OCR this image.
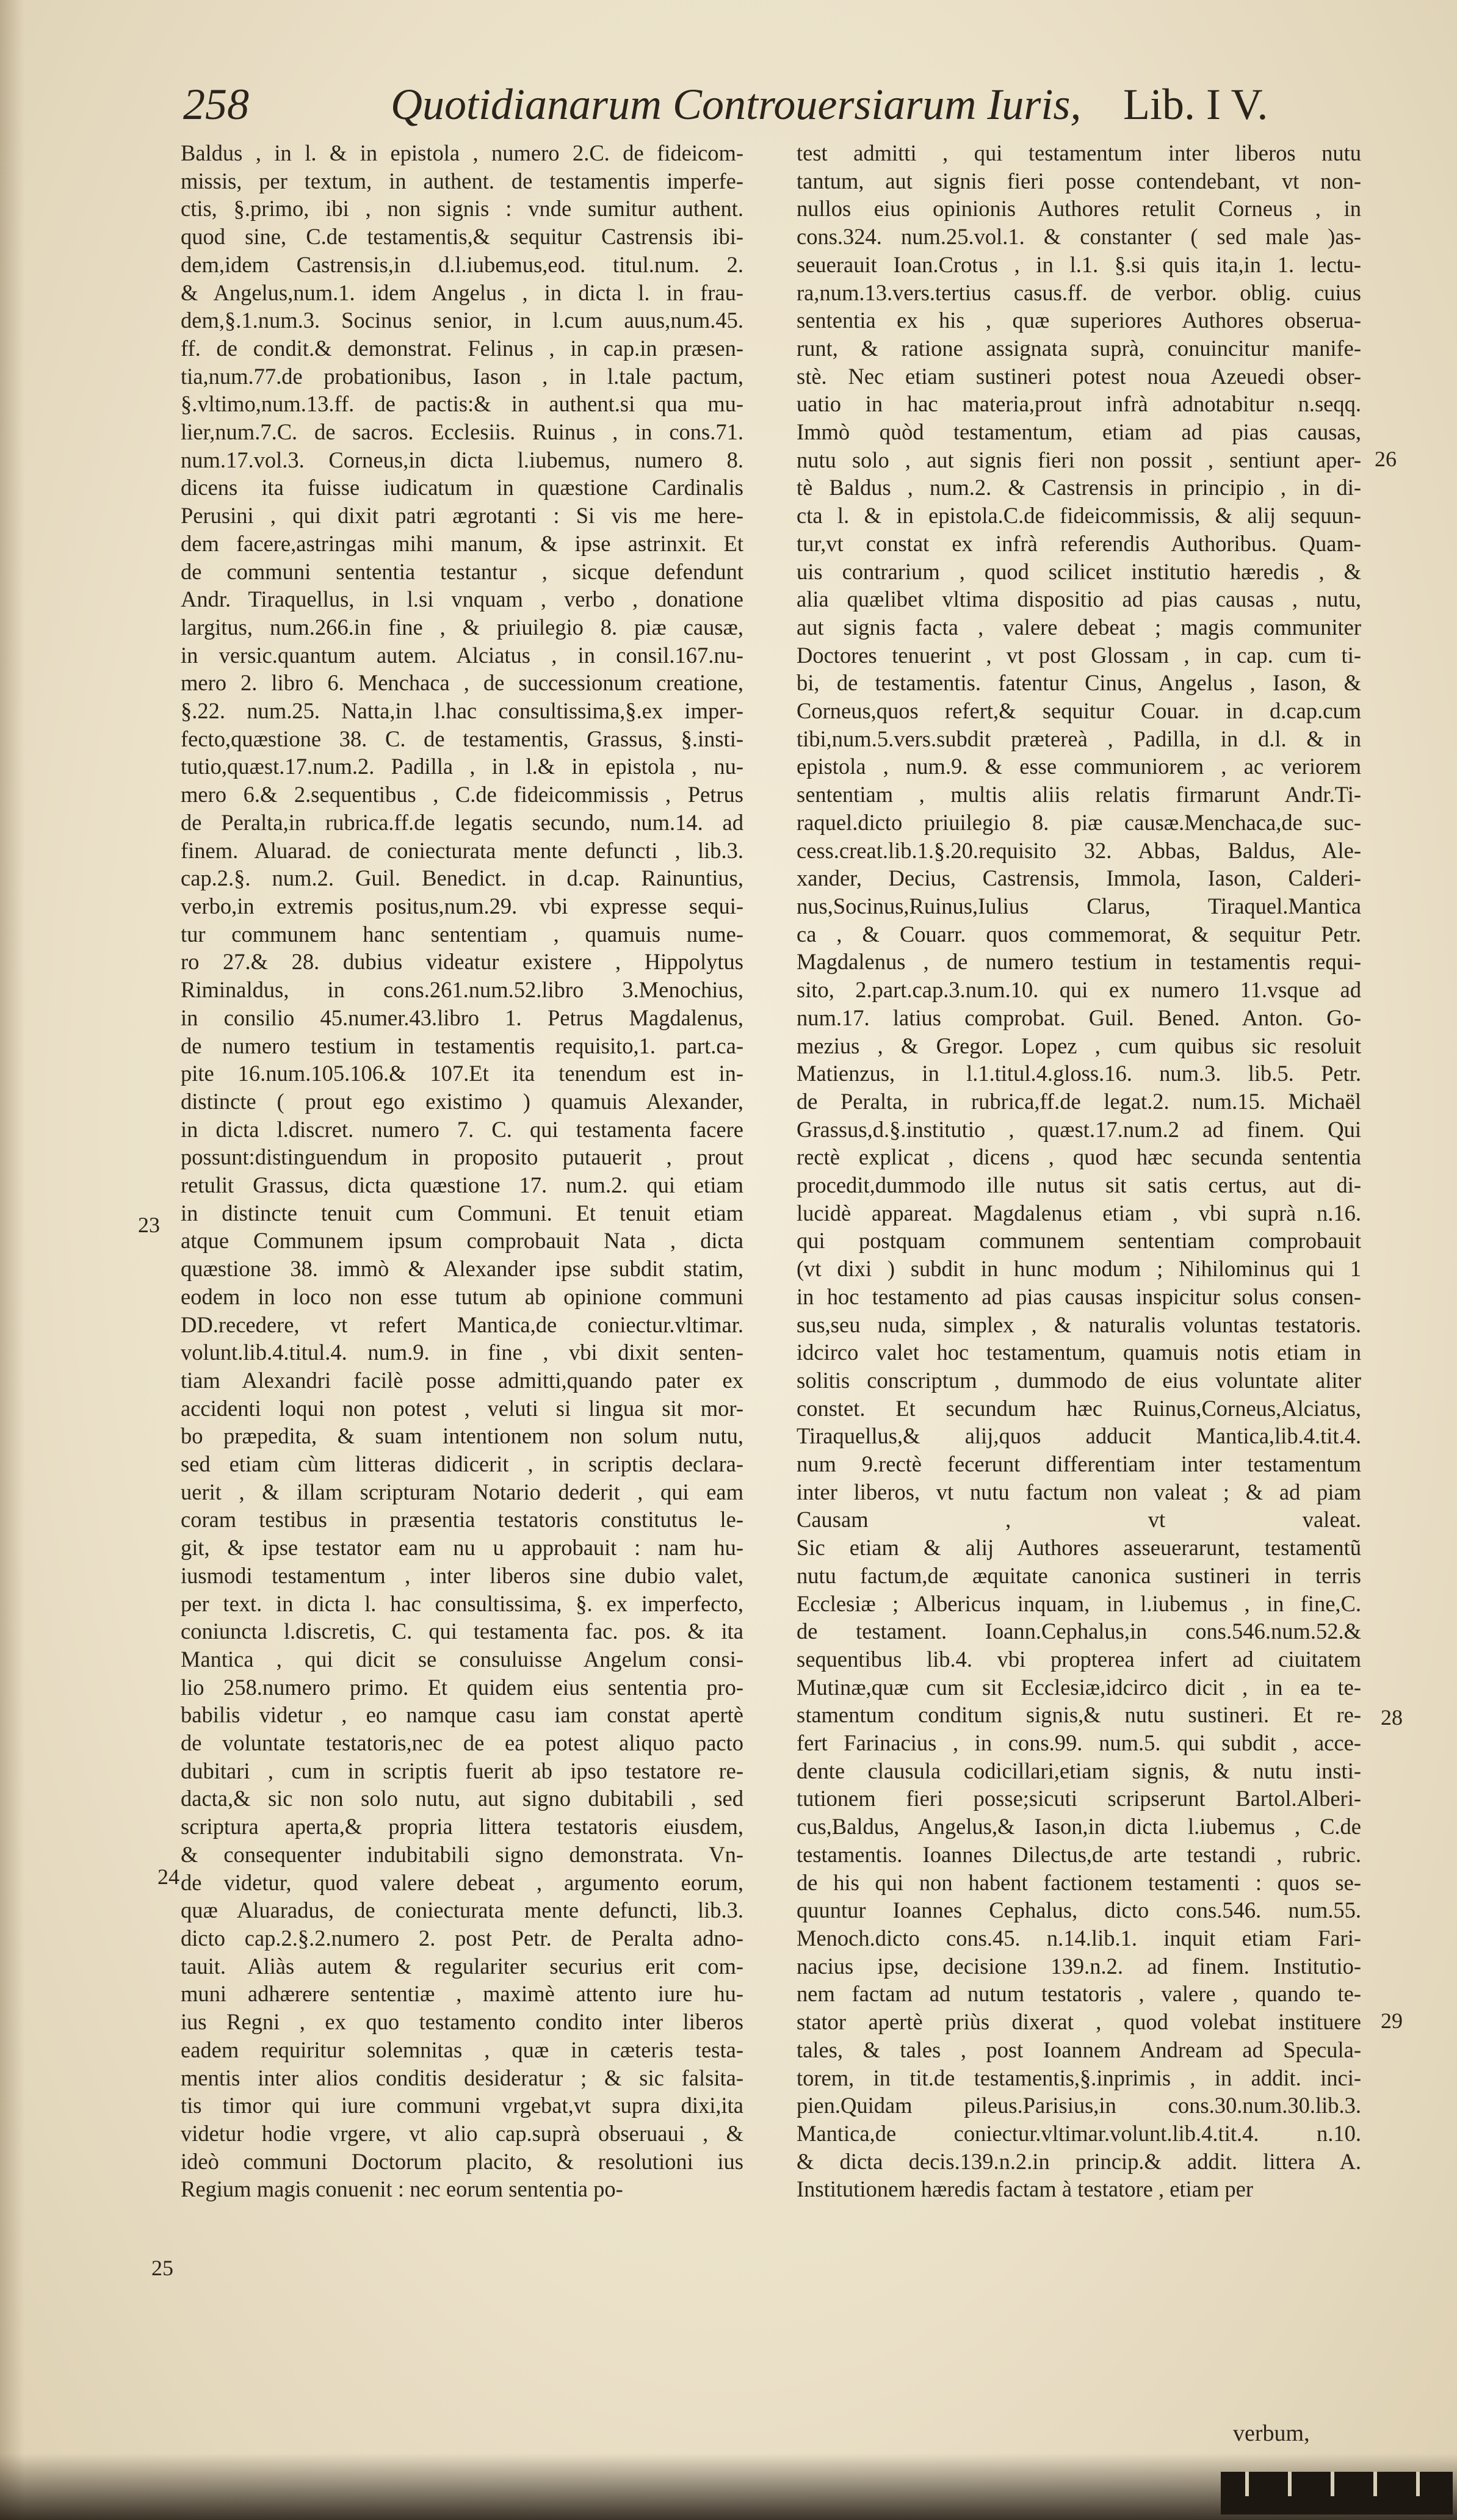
258	Quotidianarum Controuersiarum Iuris, Lib. I V.
Baldus , in l. & in epistola , numero 2.C. de fideicom-
missis, per textum, in authent. de testamentis imperfe-
ctis, §.primo, ibi , non signis : vnde sumitur authent.
quod sine, C.de testamentis,& sequitur Castrensis ibi-
dem,idem Castrensis,in d.l.iubemus,eod. titul.num. 2.
& Angelus,num.1. idem Angelus , in dicta l. in frau-
dem,§.1.num.3. Socinus senior, in l.cum auus,num.45.
ff. de condit.& demonstrat. Felinus , in cap.in præsen-
tia,num.77.de probationibus, Iason , in l.tale pactum,
§.vltimo,num.13.ff. de pactis:& in authent.si qua mu-
lier,num.7.C. de sacros. Ecclesiis. Ruinus , in cons.71.
num.17.vol.3. Corneus,in dicta l.iubemus, numero 8.
dicens ita fuisse iudicatum in quæstione Cardinalis
Perusini , qui dixit patri ægrotanti : Si vis me here-
dem facere,astringas mihi manum, & ipse astrinxit. Et
de communi sententia testantur , sicque defendunt
Andr. Tiraquellus, in l.si vnquam , verbo , donatione
largitus, num.266.in fine , & priuilegio 8. piæ causæ,
in versic.quantum autem. Alciatus , in consil.167.nu-
mero 2. libro 6. Menchaca , de successionum creatione,
§.22. num.25. Natta,in l.hac consultissima,§.ex imper-
fecto,quæstione 38. C. de testamentis, Grassus, §.insti-
tutio,quæst.17.num.2. Padilla , in l.& in epistola , nu-
mero 6.& 2.sequentibus , C.de fideicommissis , Petrus
de Peralta,in rubrica.ff.de legatis secundo, num.14. ad
finem. Aluarad. de coniecturata mente defuncti , lib.3.
cap.2.§. num.2. Guil. Benedict. in d.cap. Rainuntius,
verbo,in extremis positus,num.29. vbi expresse sequi-
tur communem hanc sententiam , quamuis nume-
ro 27.& 28. dubius videatur existere , Hippolytus
Riminaldus, in cons.261.num.52.libro 3.Menochius,
in consilio 45.numer.43.libro 1. Petrus Magdalenus,
de numero testium in testamentis requisito,1. part.ca-
pite 16.num.105.106.& 107.Et ita tenendum est in-
distincte ( prout ego existimo ) quamuis Alexander,
in dicta l.discret. numero 7. C. qui testamenta facere
possunt:distinguendum in proposito putauerit , prout
retulit Grassus, dicta quæstione 17. num.2. qui etiam
in distincte tenuit cum Communi. Et tenuit etiam
atque Communem ipsum comprobauit Nata , dicta
quæstione 38. immò & Alexander ipse subdit statim,
eodem in loco non esse tutum ab opinione communi
DD.recedere, vt refert Mantica,de coniectur.vltimar.
volunt.lib.4.titul.4. num.9. in fine , vbi dixit senten-
tiam Alexandri facilè posse admitti,quando pater ex
accidenti loqui non potest , veluti si lingua sit mor-
bo præpedita, & suam intentionem non solum nutu,
sed etiam cùm litteras didicerit , in scriptis declara-
uerit , & illam scripturam Notario dederit , qui eam
coram testibus in præsentia testatoris constitutus le-
git, & ipse testator eam nu u approbauit : nam hu-
iusmodi testamentum , inter liberos sine dubio valet,
per text. in dicta l. hac consultissima, §. ex imperfecto,
coniuncta l.discretis, C. qui testamenta fac. pos. & ita
Mantica , qui dicit se consuluisse Angelum consi-
lio 258.numero primo. Et quidem eius sententia pro-
babilis videtur , eo namque casu iam constat apertè
de voluntate testatoris,nec de ea potest aliquo pacto
dubitari , cum in scriptis fuerit ab ipso testatore re-
dacta,& sic non solo nutu, aut signo dubitabili , sed
scriptura aperta,& propria littera testatoris eiusdem,
& consequenter indubitabili signo demonstrata. Vn-
de videtur, quod valere debeat , argumento eorum,
quæ Aluaradus, de coniecturata mente defuncti, lib.3.
dicto cap.2.§.2.numero 2. post Petr. de Peralta adno-
tauit. Aliàs autem & regulariter securius erit com-
muni adhærere sententiæ , maximè attento iure hu-
ius Regni , ex quo testamento condito inter liberos
eadem requiritur solemnitas , quæ in cæteris testa-
mentis inter alios conditis desideratur ; & sic falsita-
tis timor qui iure communi vrgebat,vt supra dixi,ita
videtur hodie vrgere, vt alio cap.suprà obseruaui , &
ideò communi Doctorum placito, & resolutioni ius
Regium magis conuenit : nec eorum sententia po-
test admitti , qui testamentum inter liberos nutu
tantum, aut signis fieri posse contendebant, vt non-
nullos eius opinionis Authores retulit Corneus , in
cons.324. num.25.vol.1. & constanter ( sed male )as-
seuerauit Ioan.Crotus , in l.1. §.si quis ita,in 1. lectu-
ra,num.13.vers.tertius casus.ff. de verbor. oblig. cuius
sententia ex his , quæ superiores Authores obserua-
runt, & ratione assignata suprà, conuincitur manife-
stè. Nec etiam sustineri potest noua Azeuedi obser-
uatio in hac materia,prout infrà adnotabitur n.seqq.
Immò quòd testamentum, etiam ad pias causas,
nutu solo , aut signis fieri non possit , sentiunt aper-
tè Baldus , num.2. & Castrensis in principio , in di-
cta l. & in epistola.C.de fideicommissis, & alij sequun-
tur,vt constat ex infrà referendis Authoribus. Quam-
uis contrarium , quod scilicet institutio hæredis , &
alia quælibet vltima dispositio ad pias causas , nutu,
aut signis facta , valere debeat ; magis communiter
Doctores tenuerint , vt post Glossam , in cap. cum ti-
bi, de testamentis. fatentur Cinus, Angelus , Iason, &
Corneus,quos refert,& sequitur Couar. in d.cap.cum
tibi,num.5.vers.subdit prætereà , Padilla, in d.l. & in
epistola , num.9. & esse communiorem , ac veriorem
sententiam , multis aliis relatis firmarunt Andr.Ti-
raquel.dicto priuilegio 8. piæ causæ.Menchaca,de suc-
cess.creat.lib.1.§.20.requisito 32. Abbas, Baldus, Ale-
xander, Decius, Castrensis, Immola, Iason, Calderi-
nus,Socinus,Ruinus,Iulius Clarus, Tiraquel.Mantica
ca , & Couarr. quos commemorat, & sequitur Petr.
Magdalenus , de numero testium in testamentis requi-
sito, 2.part.cap.3.num.10. qui ex numero 11.vsque ad
num.17. latius comprobat. Guil. Bened. Anton. Go-
mezius , & Gregor. Lopez , cum quibus sic resoluit
Matienzus, in l.1.titul.4.gloss.16. num.3. lib.5. Petr.
de Peralta, in rubrica,ff.de legat.2. num.15. Michaël
Grassus,d.§.institutio , quæst.17.num.2 ad finem. Qui
rectè explicat , dicens , quod hæc secunda sententia
procedit,dummodo ille nutus sit satis certus, aut di-
lucidè appareat. Magdalenus etiam , vbi suprà n.16.
qui postquam communem sententiam comprobauit
(vt dixi ) subdit in hunc modum ; Nihilominus qui 1
in hoc testamento ad pias causas inspicitur solus consen-
sus,seu nuda, simplex , & naturalis voluntas testatoris.
idcirco valet hoc testamentum, quamuis notis etiam in
solitis conscriptum , dummodo de eius voluntate aliter
constet. Et secundum hæc Ruinus,Corneus,Alciatus,
Tiraquellus,& alij,quos adducit Mantica,lib.4.tit.4.
num 9.rectè fecerunt differentiam inter testamentum
inter liberos, vt nutu factum non valeat ; & ad piam
Causam , vt valeat.
Sic etiam & alij Authores asseuerarunt, testamentũ
nutu factum,de æquitate canonica sustineri in terris
Ecclesiæ ; Albericus inquam, in l.iubemus , in fine,C.
de testament. Ioann.Cephalus,in cons.546.num.52.&
sequentibus lib.4. vbi propterea infert ad ciuitatem
Mutinæ,quæ cum sit Ecclesiæ,idcirco dicit , in ea te-
stamentum conditum signis,& nutu sustineri. Et re-
fert Farinacius , in cons.99. num.5. qui subdit , acce-
dente clausula codicillari,etiam signis, & nutu insti-
tutionem fieri posse;sicuti scripserunt Bartol.Alberi-
cus,Baldus, Angelus,& Iason,in dicta l.iubemus , C.de
testamentis. Ioannes Dilectus,de arte testandi , rubric.
de his qui non habent factionem testamenti : quos se-
quuntur Ioannes Cephalus, dicto cons.546. num.55.
Menoch.dicto cons.45. n.14.lib.1. inquit etiam Fari-
nacius ipse, decisione 139.n.2. ad finem. Institutio-
nem factam ad nutum testatoris , valere , quando te-
stator apertè priùs dixerat , quod volebat instituere
tales, & tales , post Ioannem Andream ad Specula-
torem, in tit.de testamentis,§.inprimis , in addit. inci-
pien.Quidam pileus.Parisius,in cons.30.num.30.lib.3.
Mantica,de coniectur.vltimar.volunt.lib.4.tit.4. n.10.
& dicta decis.139.n.2.in princip.& addit. littera A.
Institutionem hæredis factam à testatore , etiam per
23
24
25
26
28
29
verbum,
